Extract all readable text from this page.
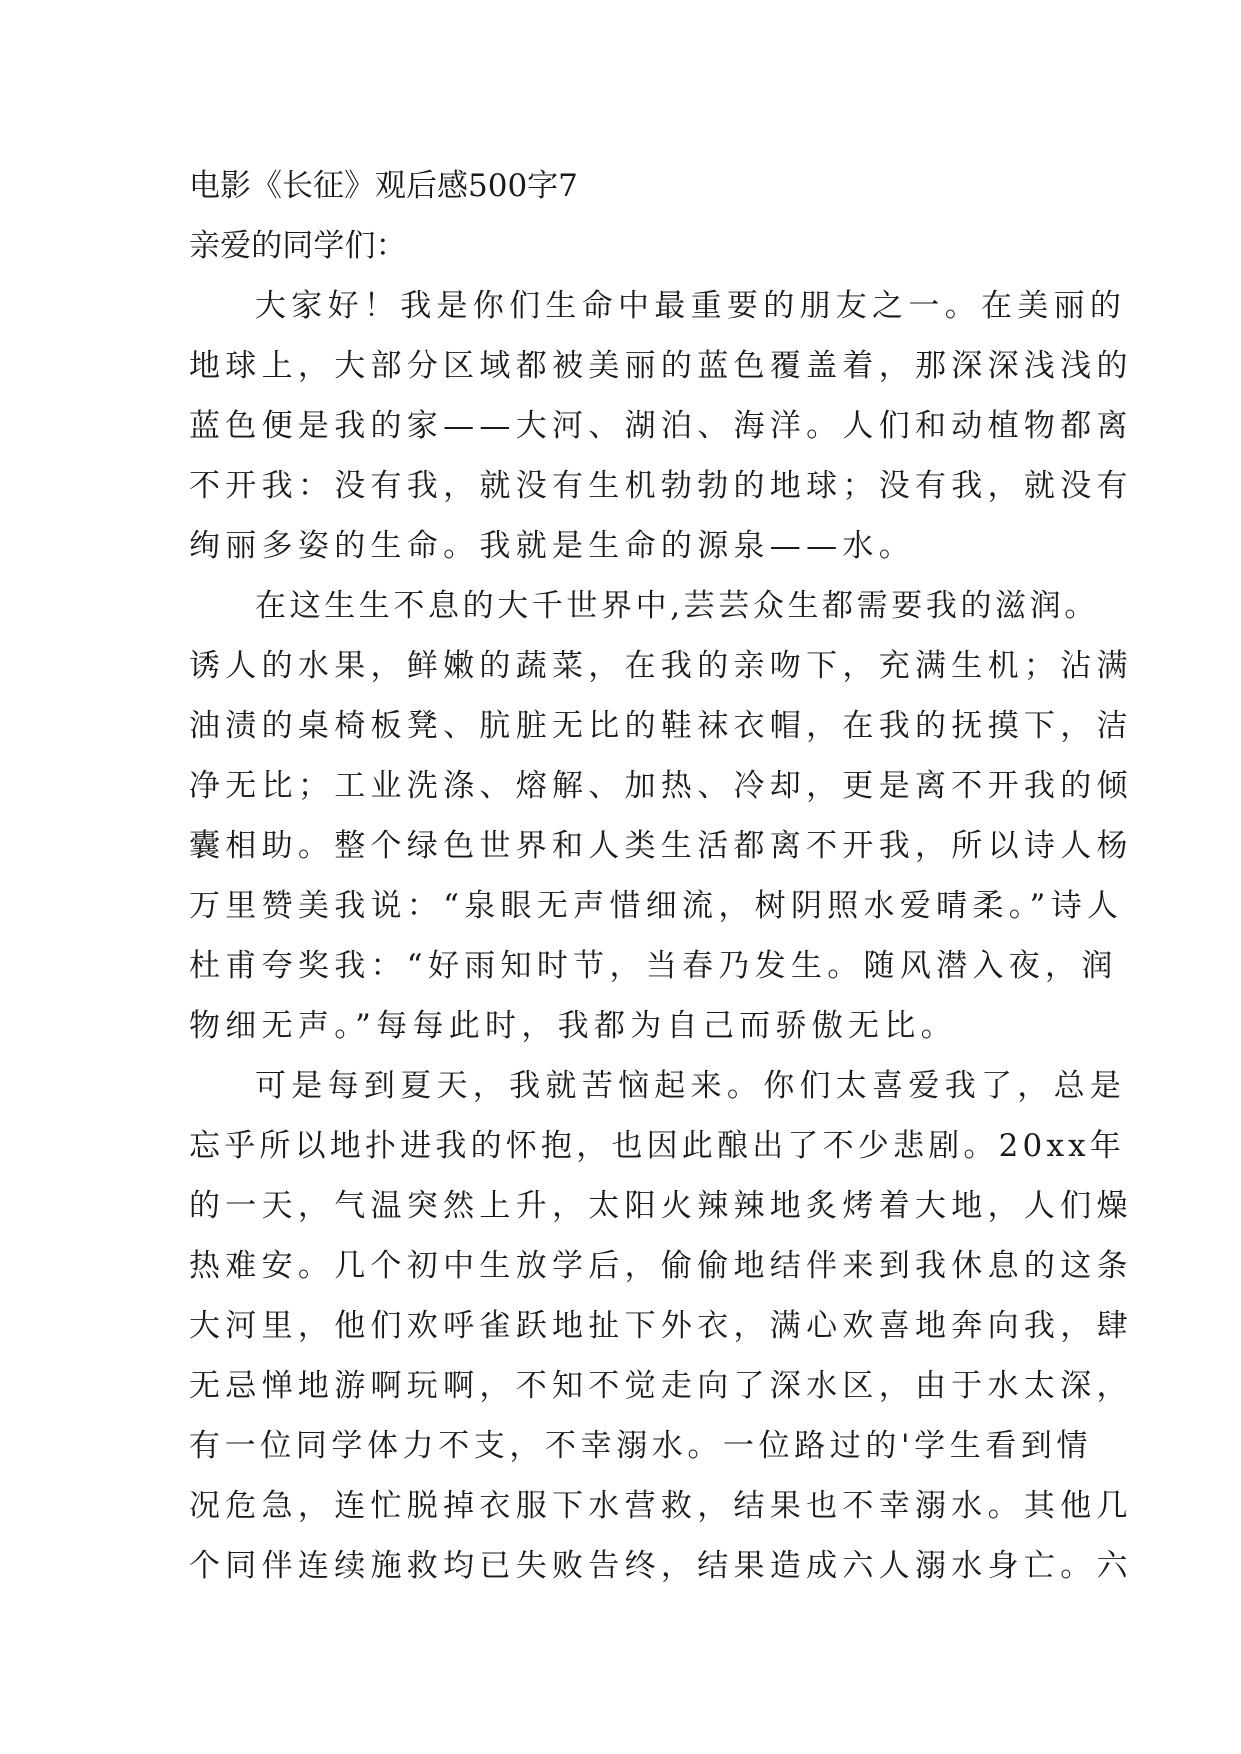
电影《长征》观后感500字7
亲爱的同学们：
大家好！我是你们生命中最重要的朋友之一。在美丽的
地球上，大部分区域都被美丽的蓝色覆盖着，那深深浅浅的
蓝色便是我的家——大河、湖泊、海洋。人们和动植物都离
不开我：没有我，就没有生机勃勃的地球；没有我，就没有
绚丽多姿的生命。我就是生命的源泉——水。
在这生生不息的大千世界中,芸芸众生都需要我的滋润。
诱人的水果，鲜嫩的蔬菜，在我的亲吻下，充满生机；沾满
油渍的桌椅板凳、肮脏无比的鞋袜衣帽，在我的抚摸下，洁
净无比；工业洗涤、熔解、加热、冷却，更是离不开我的倾
囊相助。整个绿色世界和人类生活都离不开我，所以诗人杨
万里赞美我说：“泉眼无声惜细流，树阴照水爱晴柔。”诗人
杜甫夸奖我：“好雨知时节，当春乃发生。随风潜入夜，润
物细无声。”每每此时，我都为自己而骄傲无比。
可是每到夏天，我就苦恼起来。你们太喜爱我了，总是
忘乎所以地扑进我的怀抱，也因此酿出了不少悲剧。20xx年
的一天，气温突然上升，太阳火辣辣地炙烤着大地，人们燥
热难安。几个初中生放学后，偷偷地结伴来到我休息的这条
大河里，他们欢呼雀跃地扯下外衣，满心欢喜地奔向我，肆
无忌惮地游啊玩啊，不知不觉走向了深水区，由于水太深，
有一位同学体力不支，不幸溺水。一位路过的'学生看到情
况危急，连忙脱掉衣服下水营救，结果也不幸溺水。其他几
个同伴连续施救均已失败告终，结果造成六人溺水身亡。六
